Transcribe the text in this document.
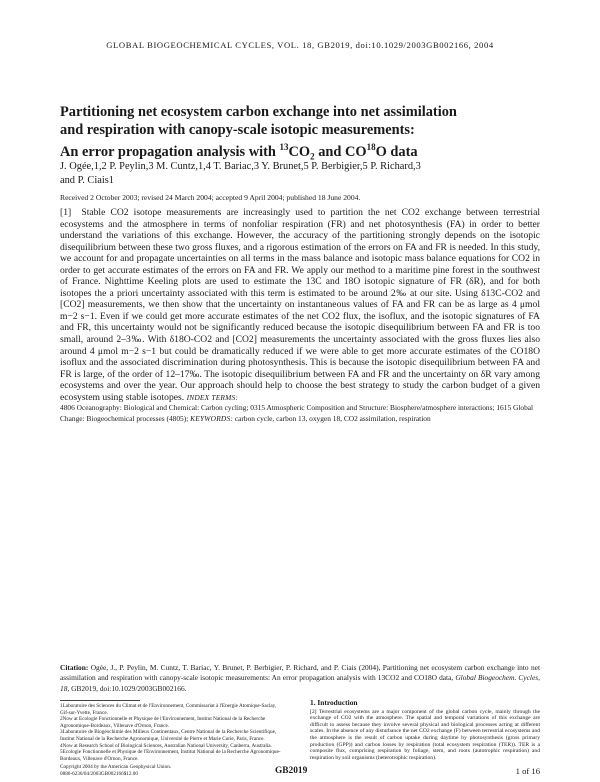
GLOBAL BIOGEOCHEMICAL CYCLES, VOL. 18, GB2019, doi:10.1029/2003GB002166, 2004
Partitioning net ecosystem carbon exchange into net assimilation
and respiration with canopy-scale isotopic measurements:
An error propagation analysis with $^{13}CO_2$ and CO$^{18}$O data
J. Ogée,1,2 P. Peylin,3 M. Cuntz,1,4 T. Bariac,3 Y. Brunet,5 P. Berbigier,5 P. Richard,3
and P. Ciais1
Received 2 October 2003; revised 24 March 2004; accepted 9 April 2004; published 18 June 2004.

[1] Stable CO2 isotope measurements are increasingly used to partition the net CO2 exchange between terrestrial ecosystems and the atmosphere in terms of nonfoliar respiration (FR) and net photosynthesis (FA) in order to better understand the variations of this exchange. However, the accuracy of the partitioning strongly depends on the isotopic disequilibrium between these two gross fluxes, and a rigorous estimation of the errors on FA and FR is needed. In this study, we account for and propagate uncertainties on all terms in the mass balance and isotopic mass balance equations for CO2 in order to get accurate estimates of the errors on FA and FR. We apply our method to a maritime pine forest in the southwest of France. Nighttime Keeling plots are used to estimate the 13C and 18O isotopic signature of FR (δR), and for both isotopes the a priori uncertainty associated with this term is estimated to be around 2‰ at our site. Using δ13C-CO2 and [CO2] measurements, we then show that the uncertainty on instantaneous values of FA and FR can be as large as 4 μmol m−2 s−1. Even if we could get more accurate estimates of the net CO2 flux, the isoflux, and the isotopic signatures of FA and FR, this uncertainty would not be significantly reduced because the isotopic disequilibrium between FA and FR is too small, around 2–3‰. With δ18O-CO2 and [CO2] measurements the uncertainty associated with the gross fluxes lies also around 4 μmol m−2 s−1 but could be dramatically reduced if we were able to get more accurate estimates of the CO18O isoflux and the associated discrimination during photosynthesis. This is because the isotopic disequilibrium between FA and FR is large, of the order of 12–17‰. The isotopic disequilibrium between FA and FR and the uncertainty on δR vary among ecosystems and over the year. Our approach should help to choose the best strategy to study the carbon budget of a given ecosystem using stable isotopes. INDEX TERMS:

4806 Oceanography: Biological and Chemical: Carbon cycling; 0315 Atmospheric Composition and Structure: Biosphere/atmosphere interactions; 1615 Global Change: Biogeochemical processes (4805); KEYWORDS: carbon cycle, carbon 13, oxygen 18, CO2 assimilation, respiration
Citation: Ogée, J., P. Peylin, M. Cuntz, T. Bariac, Y. Brunet, P. Berbigier, P. Richard, and P. Ciais (2004), Partitioning net ecosystem carbon exchange into net assimilation and respiration with canopy-scale isotopic measurements: An error propagation analysis with 13CO2 and CO18O data, Global Biogeochem. Cycles, 18, GB2019, doi:10.1029/2003GB002166.
1Laboratoire des Sciences du Climat et de l'Environnement, Commissariat à l'Energie Atomique-Saclay, Gif-sur-Yvette, France.
2Now at Ecologie Fonctionnelle et Physique de l'Environnement, Institut National de la Recherche Agronomique-Bordeaux, Villenave d'Ornon, France.
3Laboratoire de Biogéochimie des Milieux Continentaux, Centre National de la Recherche Scientifique, Institut National de la Recherche Agronomique, Université de Pierre et Marie Curie, Paris, France.
4Now at Research School of Biological Sciences, Australian National University, Canberra, Australia.
5Ecologie Fonctionnelle et Physique de l'Environnement, Institut National de la Recherche Agronomique-Bordeaux, Villenave d'Ornon, France.
Copyright 2004 by the American Geophysical Union.
0886-6236/04/2003GB002166$12.00
1. Introduction
[2] Terrestrial ecosystems are a major component of the global carbon cycle, mainly through the exchange of CO2 with the atmosphere. The spatial and temporal variations of this exchange are difficult to assess because they involve several physical and biological processes acting at different scales. In the absence of any disturbance the net CO2 exchange (F) between terrestrial ecosystems and the atmosphere is the result of carbon uptake during daytime by photosynthesis (gross primary production (GPP)) and carbon losses by respiration (total ecosystem respiration (TER)). TER is a composite flux, comprising respiration by foliage, stem, and roots (autotrophic respiration) and respiration by soil organisms (heterotrophic respiration).
GB2019	1 of 16
